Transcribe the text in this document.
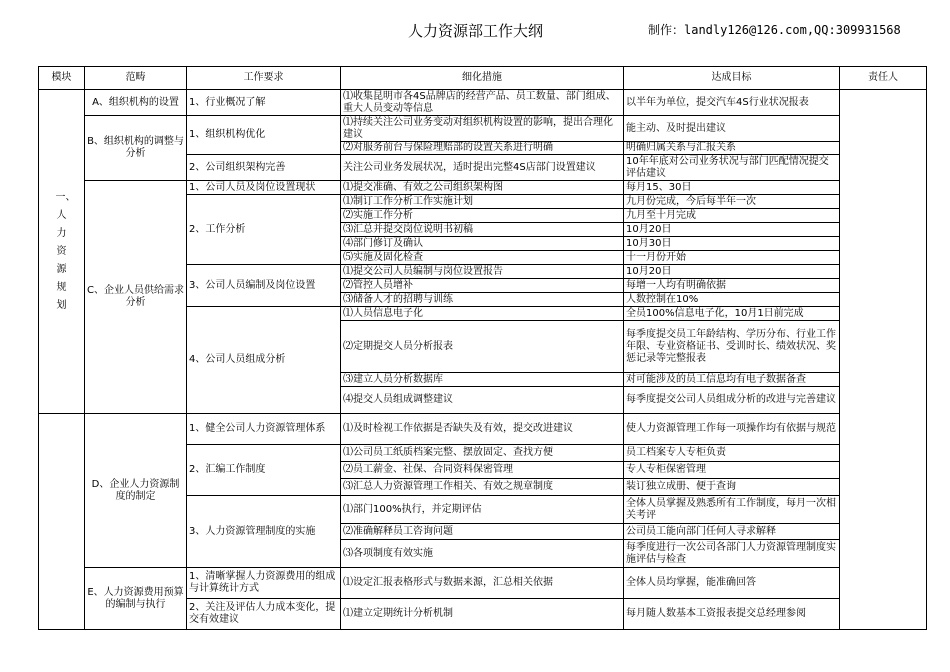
人力资源部工作大纲	制作：landly126@126.com,QQ:309931568
模块	范畴	工作要求	细化措施	达成目标	责任人
一、人力资源规划	A、组织机构的设置	1、行业概况了解	⑴收集昆明市各4S品牌店的经营产品、员工数量、部门组成、重大人员变动等信息	以半年为单位，提交汽车4S行业状况报表	
	B、组织机构的调整与分析	1、组织机构优化	⑴持续关注公司业务变动对组织机构设置的影响，提出合理化建议	能主动、及时提出建议	
			⑵对服务前台与保险理赔部的设置关系进行明确	明确归属关系与汇报关系	
		2、公司组织架构完善	关注公司业务发展状况，适时提出完整4S店部门设置建议	10年年底对公司业务状况与部门匹配情况提交评估建议	
	C、企业人员供给需求分析	1、公司人员及岗位设置现状	⑴提交准确、有效之公司组织架构图	每月15、30日	
		2、工作分析	⑴制订工作分析工作实施计划	九月份完成，今后每半年一次	
			⑵实施工作分析	九月至十月完成	
			⑶汇总并提交岗位说明书初稿	10月20日	
			⑷部门修订及确认	10月30日	
			⑸实施及固化检查	十一月份开始	
		3、公司人员编制及岗位设置	⑴提交公司人员编制与岗位设置报告	10月20日	
			⑵管控人员增补	每增一人均有明确依据	
			⑶储备人才的招聘与训练	人数控制在10%	
		4、公司人员组成分析	⑴人员信息电子化	全员100%信息电子化，10月1日前完成	
			⑵定期提交人员分析报表	每季度提交员工年龄结构、学历分布、行业工作年限、专业资格证书、受训时长、绩效状况、奖惩记录等完整报表	
			⑶建立人员分析数据库	对可能涉及的员工信息均有电子数据备查	
			⑷提交人员组成调整建议	每季度提交公司人员组成分析的改进与完善建议	
	D、企业人力资源制度的制定	1、健全公司人力资源管理体系	⑴及时检视工作依据是否缺失及有效，提交改进建议	使人力资源管理工作每一项操作均有依据与规范	
		2、汇编工作制度	⑴公司员工纸质档案完整、摆放固定、查找方便	员工档案专人专柜负责	
			⑵员工薪金、社保、合同资料保密管理	专人专柜保密管理	
			⑶汇总人力资源管理工作相关、有效之规章制度	装订独立成册、便于查询	
		3、人力资源管理制度的实施	⑴部门100%执行，并定期评估	全体人员掌握及熟悉所有工作制度，每月一次相关考评	
			⑵准确解释员工咨询问题	公司员工能向部门任何人寻求解释	
			⑶各项制度有效实施	每季度进行一次公司各部门人力资源管理制度实施评估与检查	
	E、人力资源费用预算的编制与执行	1、清晰掌握人力资源费用的组成与计算统计方式	⑴设定汇报表格形式与数据来源，汇总相关依据	全体人员均掌握，能准确回答	
		2、关注及评估人力成本变化，提交有效建议	⑴建立定期统计分析机制	每月随人数基本工资报表提交总经理参阅	
